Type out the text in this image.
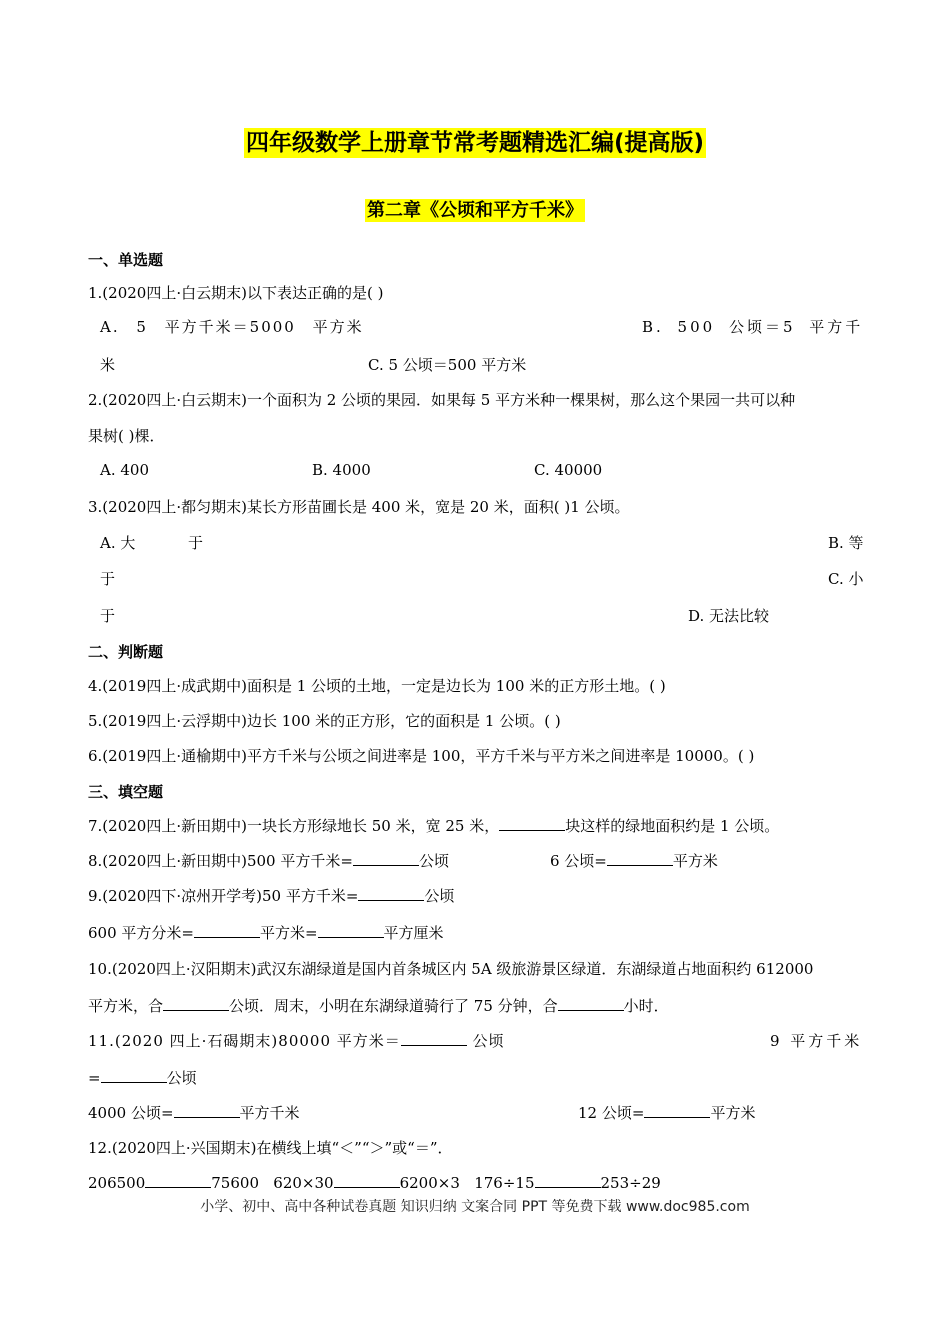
四年级数学上册章节常考题精选汇编(提高版)
第二章《公顷和平方千米》
一、单选题
1.(2020四上·白云期末)以下表达正确的是( )
A. 5 平方千米＝5000 平方米	B. 500 公顷＝5 平方千
米	C. 5 公顷＝500 平方米
2.(2020四上·白云期末)一个面积为 2 公顷的果园．如果每 5 平方米种一棵果树，那么这个果园一共可以种
果树( )棵．
A. 400	B. 4000	C. 40000
3.(2020四上·都匀期末)某长方形苗圃长是 400 米，宽是 20 米，面积( )1 公顷。
A. 大	于	B. 等
于	C. 小
于	D. 无法比较
二、判断题
4.(2019四上·成武期中)面积是 1 公顷的土地，一定是边长为 100 米的正方形土地。( )
5.(2019四上·云浮期中)边长 100 米的正方形，它的面积是 1 公顷。( )
6.(2019四上·通榆期中)平方千米与公顷之间进率是 100，平方千米与平方米之间进率是 10000。( )
三、填空题
7.(2020四上·新田期中)一块长方形绿地长 50 米，宽 25 米，	块这样的绿地面积约是 1 公顷。
8.(2020四上·新田期中)500 平方千米=	公顷	6 公顷=	平方米
9.(2020四下·凉州开学考)50 平方千米=	公顷
600 平方分米=	平方米=	平方厘米
10.(2020四上·汉阳期末)武汉东湖绿道是国内首条城区内 5A 级旅游景区绿道．东湖绿道占地面积约 612000
平方米，合	公顷．周末，小明在东湖绿道骑行了 75 分钟，合	小时．
11.(2020 四上·石碣期末)80000 平方米＝	公顷	9 平方千米
=	公顷
4000 公顷=	平方千米	12 公顷=	平方米
12.(2020四上·兴国期末)在横线上填“＜”“＞”或“＝”．
206500	75600 620×30	6200×3 176÷15	253÷29
小学、初中、高中各种试卷真题 知识归纳 文案合同 PPT 等免费下载 www.doc985.com
